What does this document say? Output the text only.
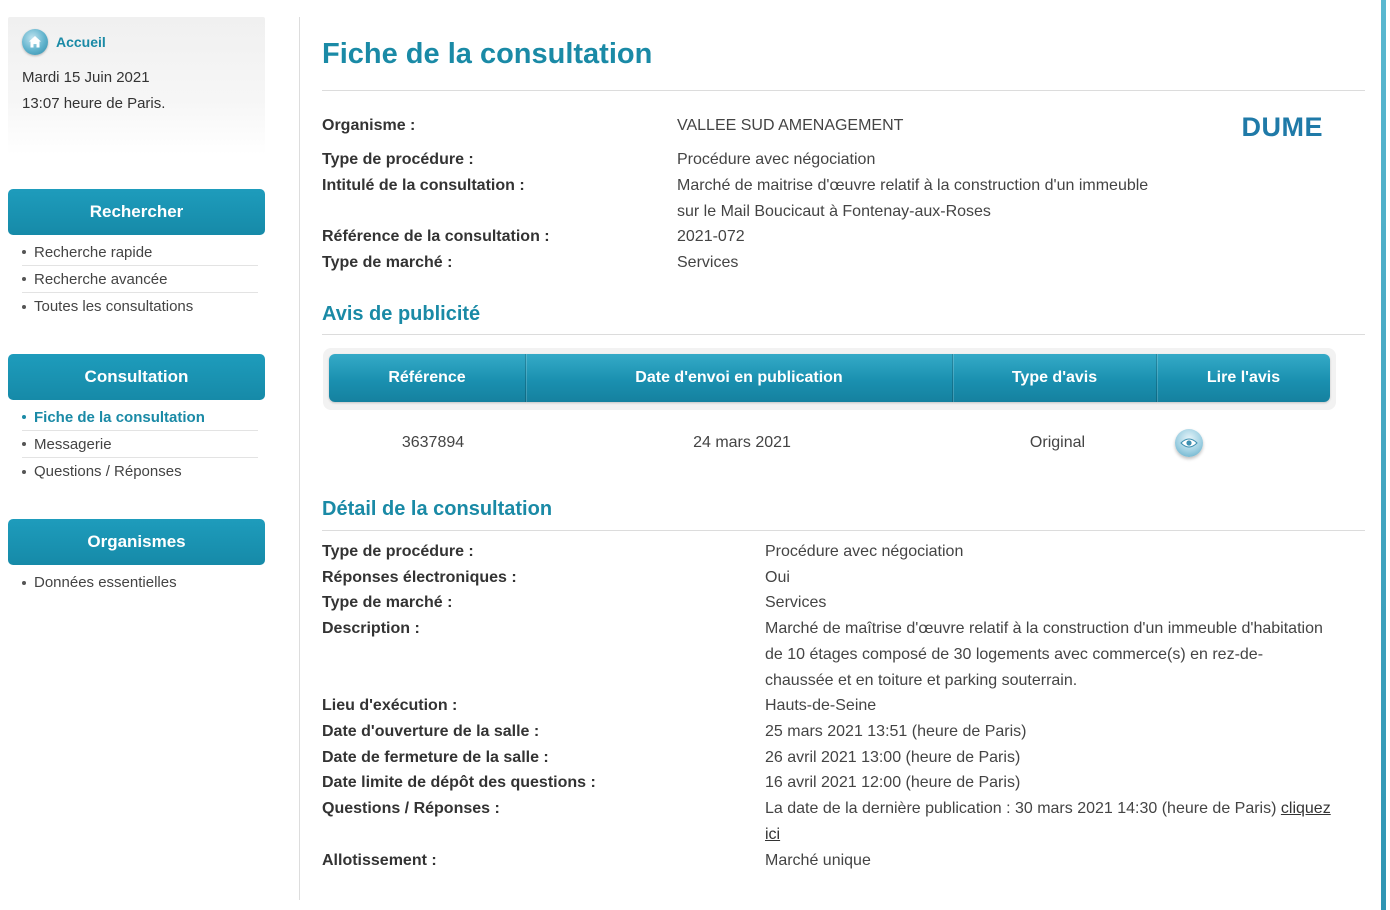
Accueil
Mardi 15 Juin 2021
13:07 heure de Paris.
Rechercher
Recherche rapide
Recherche avancée
Toutes les consultations
Consultation
Fiche de la consultation
Messagerie
Questions / Réponses
Organismes
Données essentielles
Fiche de la consultation
DUME
Organisme :	VALLEE SUD AMENAGEMENT
Type de procédure :	Procédure avec négociation
Intitulé de la consultation :	Marché de maitrise d'œuvre relatif à la construction d'un immeuble
sur le Mail Boucicaut à Fontenay-aux-Roses
Référence de la consultation :	2021-072
Type de marché :	Services
Avis de publicité
Référence	Date d'envoi en publication	Type d'avis	Lire l'avis
3637894	24 mars 2021	Original
Détail de la consultation
Type de procédure :	Procédure avec négociation
Réponses électroniques :	Oui
Type de marché :	Services
Description :	Marché de maîtrise d'œuvre relatif à la construction d'un immeuble d'habitation
de 10 étages composé de 30 logements avec commerce(s) en rez-de-
chaussée et en toiture et parking souterrain.
Lieu d'exécution :	Hauts-de-Seine
Date d'ouverture de la salle :	25 mars 2021 13:51 (heure de Paris)
Date de fermeture de la salle :	26 avril 2021 13:00 (heure de Paris)
Date limite de dépôt des questions :	16 avril 2021 12:00 (heure de Paris)
Questions / Réponses :	La date de la dernière publication : 30 mars 2021 14:30 (heure de Paris) cliquez
ici
Allotissement :	Marché unique
